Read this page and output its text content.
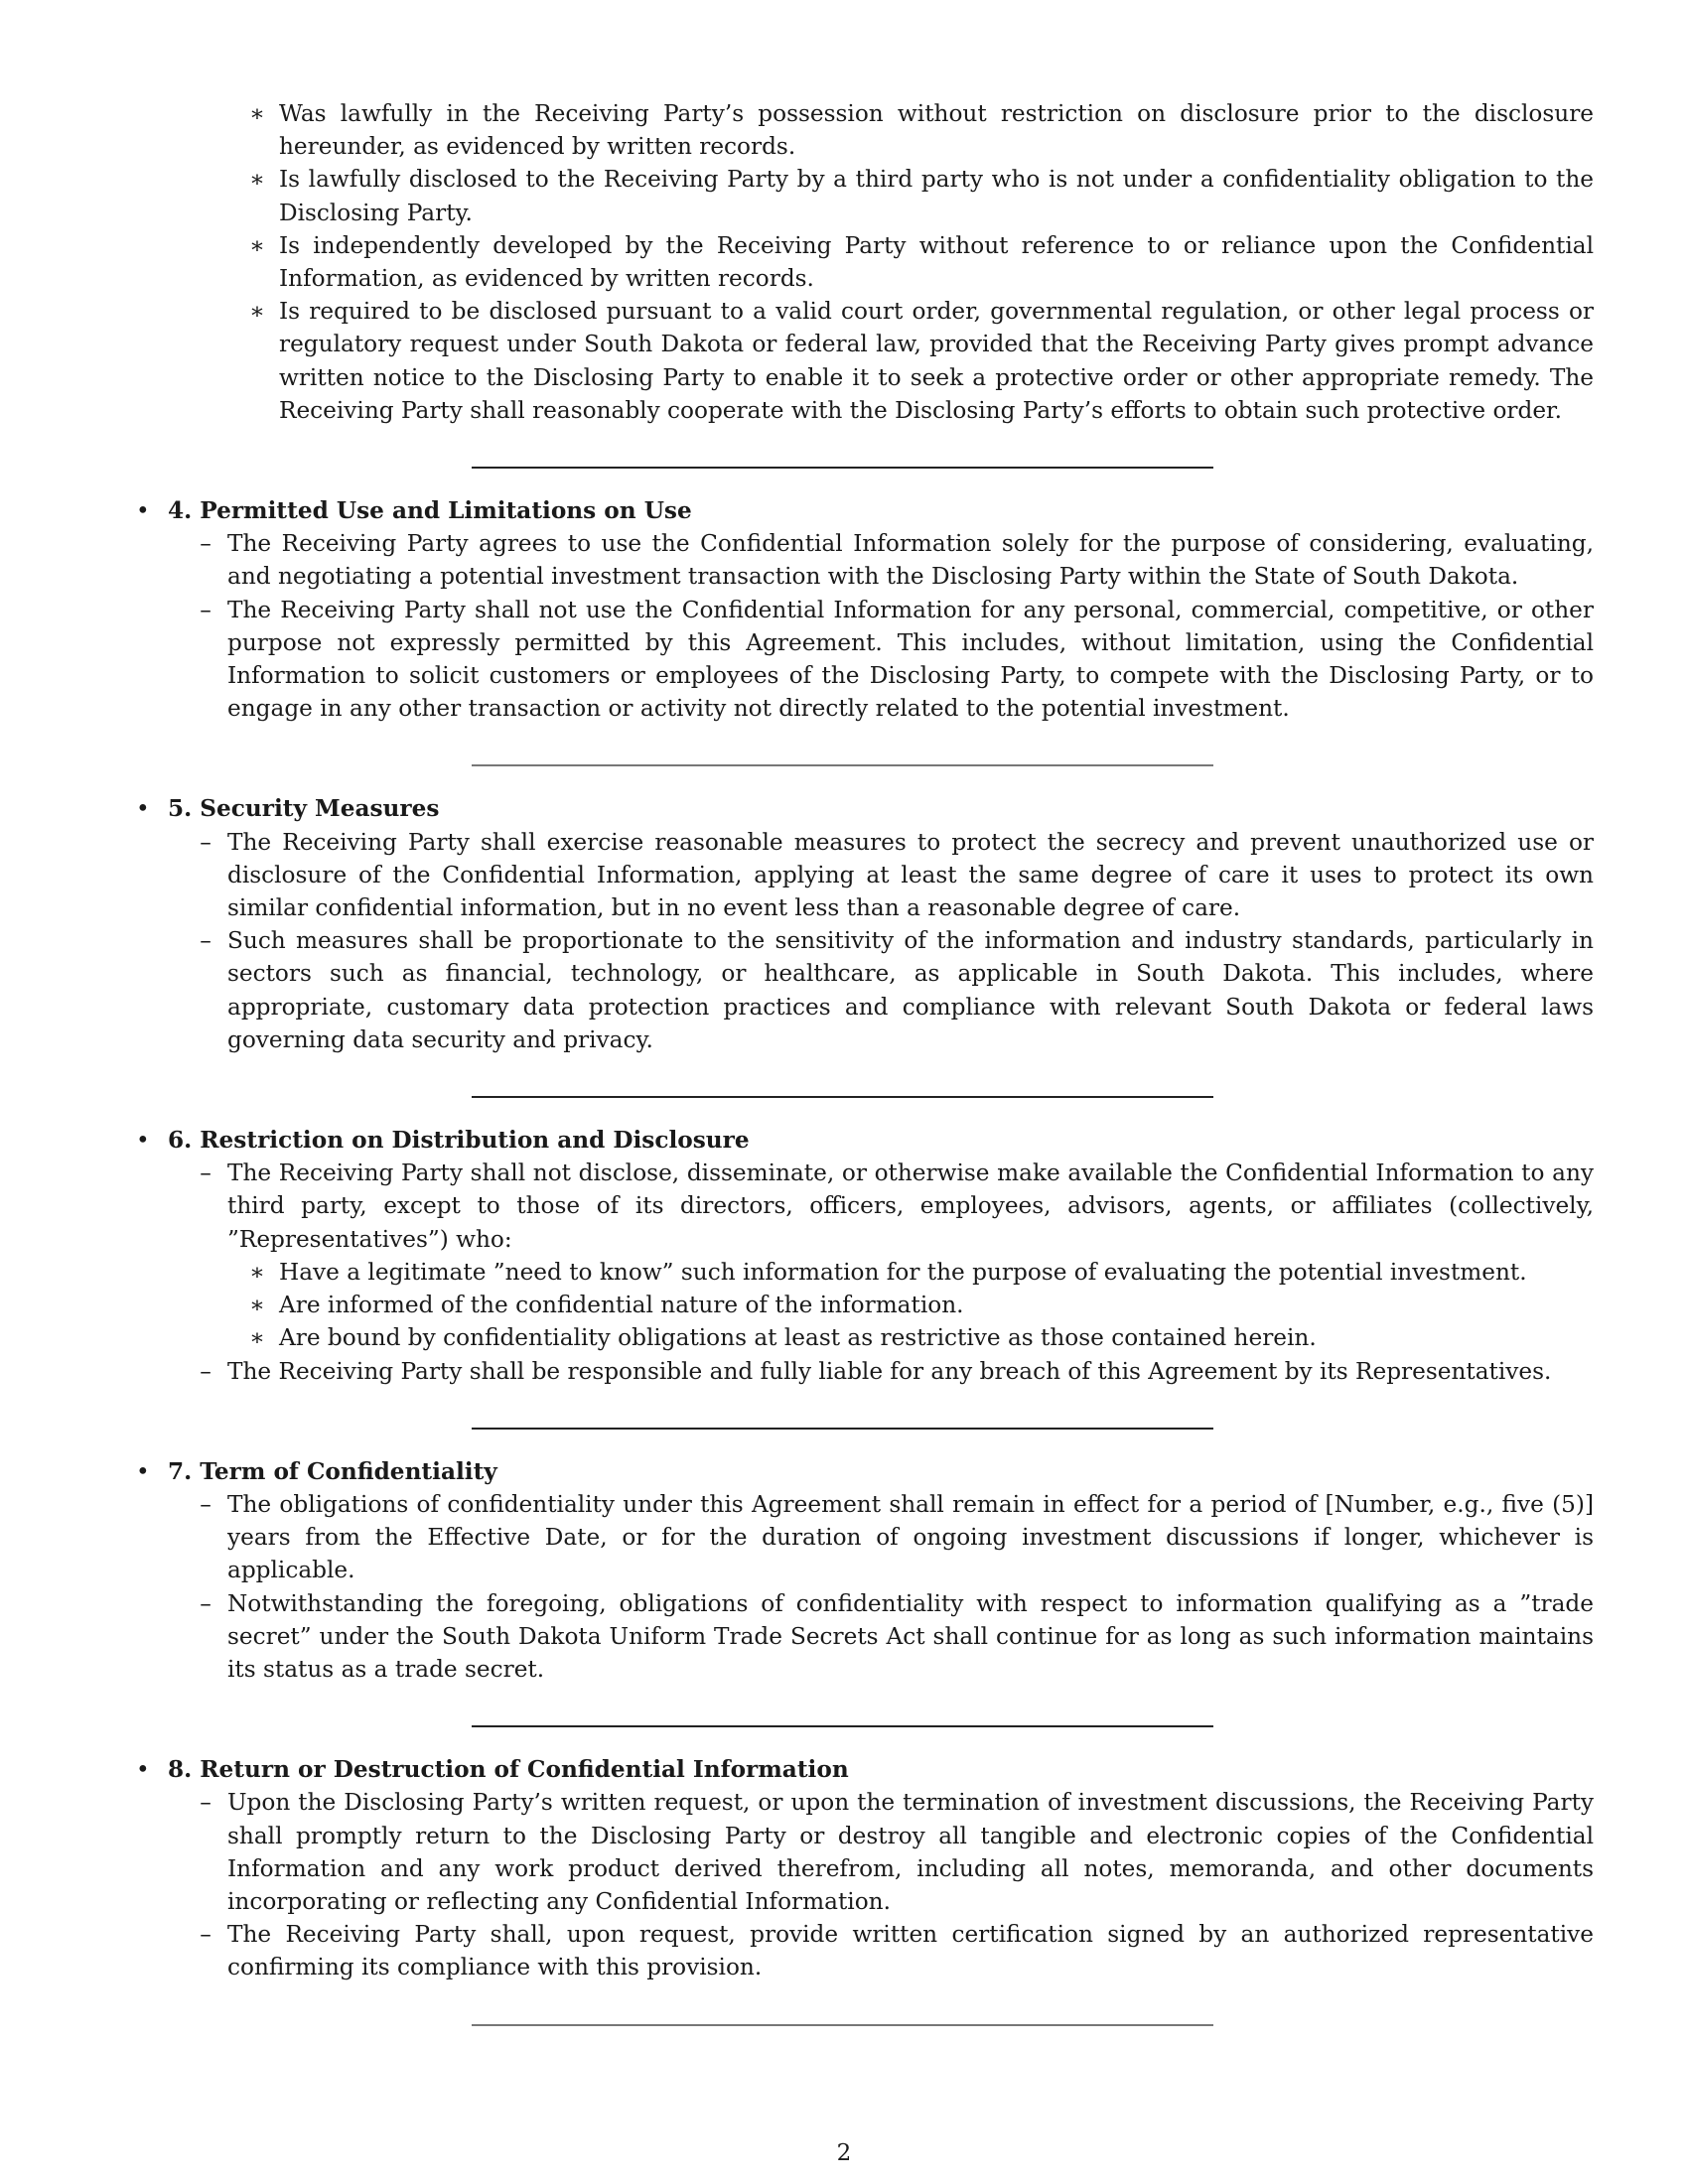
∗ Was lawfully in the Receiving Party’s possession without restriction on disclosure prior to the disclosure hereunder, as evidenced by written records.
∗ Is lawfully disclosed to the Receiving Party by a third party who is not under a confidentiality obligation to the Disclosing Party.
∗ Is independently developed by the Receiving Party without reference to or reliance upon the Confidential Information, as evidenced by written records.
∗ Is required to be disclosed pursuant to a valid court order, governmental regulation, or other legal process or regulatory request under South Dakota or federal law, provided that the Receiving Party gives prompt advance written notice to the Disclosing Party to enable it to seek a protective order or other appropriate remedy. The Receiving Party shall reasonably cooperate with the Disclosing Party’s efforts to obtain such protective order.
• 4. Permitted Use and Limitations on Use
– The Receiving Party agrees to use the Confidential Information solely for the purpose of considering, evaluating, and negotiating a potential investment transaction with the Disclosing Party within the State of South Dakota.
– The Receiving Party shall not use the Confidential Information for any personal, commercial, competitive, or other purpose not expressly permitted by this Agreement. This includes, without limitation, using the Confidential Information to solicit customers or employees of the Disclosing Party, to compete with the Disclosing Party, or to engage in any other transaction or activity not directly related to the potential investment.
• 5. Security Measures
– The Receiving Party shall exercise reasonable measures to protect the secrecy and prevent unauthorized use or disclosure of the Confidential Information, applying at least the same degree of care it uses to protect its own similar confidential information, but in no event less than a reasonable degree of care.
– Such measures shall be proportionate to the sensitivity of the information and industry standards, particularly in sectors such as financial, technology, or healthcare, as applicable in South Dakota. This includes, where appropriate, customary data protection practices and compliance with relevant South Dakota or federal laws governing data security and privacy.
• 6. Restriction on Distribution and Disclosure
– The Receiving Party shall not disclose, disseminate, or otherwise make available the Confidential Information to any third party, except to those of its directors, officers, employees, advisors, agents, or affiliates (collectively, ”Representatives”) who:
∗ Have a legitimate ”need to know” such information for the purpose of evaluating the potential investment.
∗ Are informed of the confidential nature of the information.
∗ Are bound by confidentiality obligations at least as restrictive as those contained herein.
– The Receiving Party shall be responsible and fully liable for any breach of this Agreement by its Representatives.
• 7. Term of Confidentiality
– The obligations of confidentiality under this Agreement shall remain in effect for a period of [Number, e.g., five (5)] years from the Effective Date, or for the duration of ongoing investment discussions if longer, whichever is applicable.
– Notwithstanding the foregoing, obligations of confidentiality with respect to information qualifying as a ”trade secret” under the South Dakota Uniform Trade Secrets Act shall continue for as long as such information maintains its status as a trade secret.
• 8. Return or Destruction of Confidential Information
– Upon the Disclosing Party’s written request, or upon the termination of investment discussions, the Receiving Party shall promptly return to the Disclosing Party or destroy all tangible and electronic copies of the Confidential Information and any work product derived therefrom, including all notes, memoranda, and other documents incorporating or reflecting any Confidential Information.
– The Receiving Party shall, upon request, provide written certification signed by an authorized representative confirming its compliance with this provision.
2
